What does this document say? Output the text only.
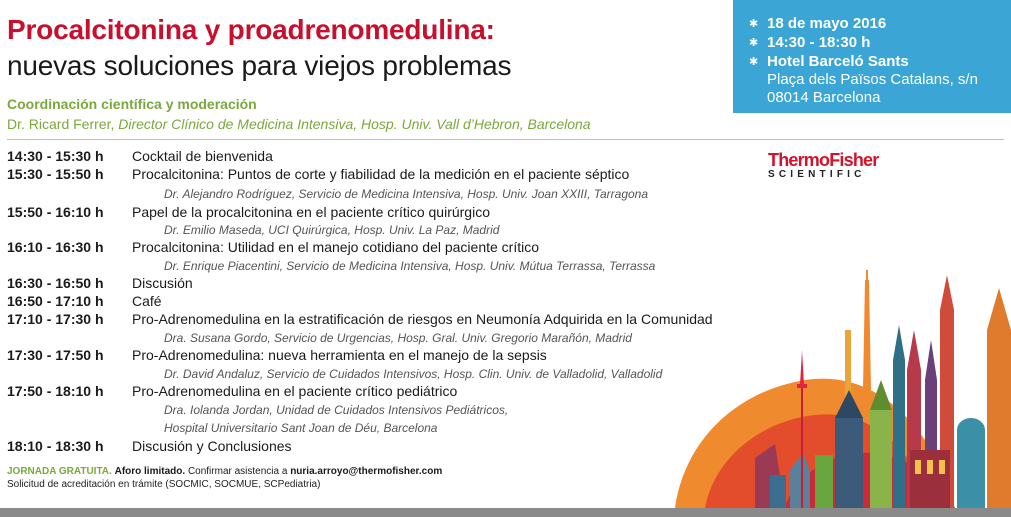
Procalcitonina y proadrenomedulina:
nuevas soluciones para viejos problemas
Coordinación científica y moderación
Dr. Ricard Ferrer, Director Clínico de Medicina Intensiva, Hosp. Univ. Vall d’Hebron, Barcelona
✱ 18 de mayo 2016
✱ 14:30 - 18:30 h
✱ Hotel Barceló Sants
Plaça dels Països Catalans, s/n
08014 Barcelona
ThermoFisher
SCIENTIFIC
14:30 - 15:30 h Cocktail de bienvenida
15:30 - 15:50 h Procalcitonina: Puntos de corte y fiabilidad de la medición en el paciente séptico
Dr. Alejandro Rodríguez, Servicio de Medicina Intensiva, Hosp. Univ. Joan XXIII, Tarragona
15:50 - 16:10 h Papel de la procalcitonina en el paciente crítico quirúrgico
Dr. Emilio Maseda, UCI Quirúrgica, Hosp. Univ. La Paz, Madrid
16:10 - 16:30 h Procalcitonina: Utilidad en el manejo cotidiano del paciente crítico
Dr. Enrique Piacentini, Servicio de Medicina Intensiva, Hosp. Univ. Mútua Terrassa, Terrassa
16:30 - 16:50 h Discusión
16:50 - 17:10 h Café
17:10 - 17:30 h Pro-Adrenomedulina en la estratificación de riesgos en Neumonía Adquirida en la Comunidad
Dra. Susana Gordo, Servicio de Urgencias, Hosp. Gral. Univ. Gregorio Marañón, Madrid
17:30 - 17:50 h Pro-Adrenomedulina: nueva herramienta en el manejo de la sepsis
Dr. David Andaluz, Servicio de Cuidados Intensivos, Hosp. Clin. Univ. de Valladolid, Valladolid
17:50 - 18:10 h Pro-Adrenomedulina en el paciente crítico pediátrico
Dra. Iolanda Jordan, Unidad de Cuidados Intensivos Pediátricos,
Hospital Universitario Sant Joan de Déu, Barcelona
18:10 - 18:30 h Discusión y Conclusiones
JORNADA GRATUITA. Aforo limitado. Confirmar asistencia a nuria.arroyo@thermofisher.com
Solicitud de acreditación en trámite (SOCMIC, SOCMUE, SCPediatria)
